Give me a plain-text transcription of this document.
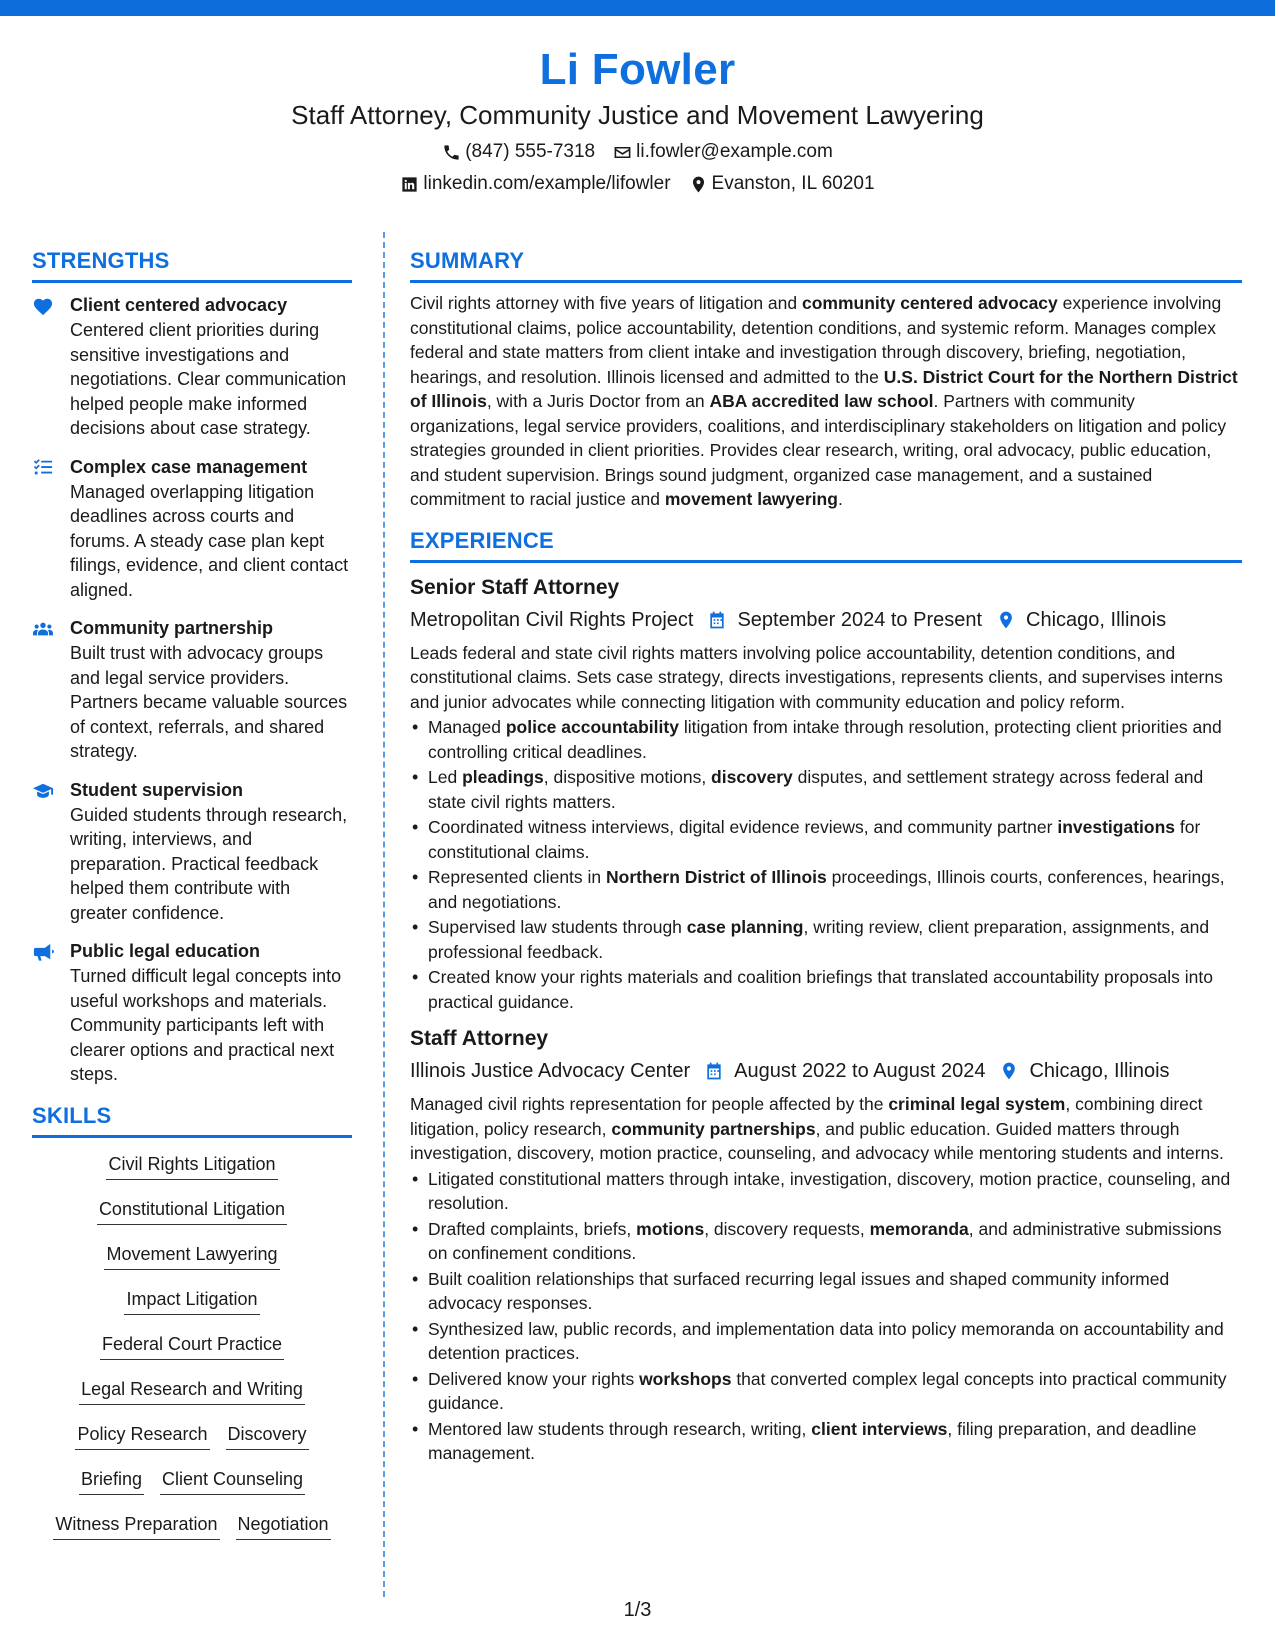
Li Fowler
Staff Attorney, Community Justice and Movement Lawyering
(847) 555-7318 li.fowler@example.com
linkedin.com/example/lifowler Evanston, IL 60201
STRENGTHS
Client centered advocacy
Centered client priorities during sensitive investigations and negotiations. Clear communication helped people make informed decisions about case strategy.
Complex case management
Managed overlapping litigation deadlines across courts and forums. A steady case plan kept filings, evidence, and client contact aligned.
Community partnership
Built trust with advocacy groups and legal service providers. Partners became valuable sources of context, referrals, and shared strategy.
Student supervision
Guided students through research, writing, interviews, and preparation. Practical feedback helped them contribute with greater confidence.
Public legal education
Turned difficult legal concepts into useful workshops and materials. Community participants left with clearer options and practical next steps.
SKILLS
Civil Rights Litigation
Constitutional Litigation
Movement Lawyering
Impact Litigation
Federal Court Practice
Legal Research and Writing
Policy Research Discovery
Briefing Client Counseling
Witness Preparation Negotiation
SUMMARY
Civil rights attorney with five years of litigation and community centered advocacy experience involving constitutional claims, police accountability, detention conditions, and systemic reform. Manages complex federal and state matters from client intake and investigation through discovery, briefing, negotiation, hearings, and resolution. Illinois licensed and admitted to the U.S. District Court for the Northern District of Illinois, with a Juris Doctor from an ABA accredited law school. Partners with community organizations, legal service providers, coalitions, and interdisciplinary stakeholders on litigation and policy strategies grounded in client priorities. Provides clear research, writing, oral advocacy, public education, and student supervision. Brings sound judgment, organized case management, and a sustained commitment to racial justice and movement lawyering.
EXPERIENCE
Senior Staff Attorney
Metropolitan Civil Rights Project September 2024 to Present Chicago, Illinois
Leads federal and state civil rights matters involving police accountability, detention conditions, and constitutional claims. Sets case strategy, directs investigations, represents clients, and supervises interns and junior advocates while connecting litigation with community education and policy reform.
• Managed police accountability litigation from intake through resolution, protecting client priorities and controlling critical deadlines.
• Led pleadings, dispositive motions, discovery disputes, and settlement strategy across federal and state civil rights matters.
• Coordinated witness interviews, digital evidence reviews, and community partner investigations for constitutional claims.
• Represented clients in Northern District of Illinois proceedings, Illinois courts, conferences, hearings, and negotiations.
• Supervised law students through case planning, writing review, client preparation, assignments, and professional feedback.
• Created know your rights materials and coalition briefings that translated accountability proposals into practical guidance.
Staff Attorney
Illinois Justice Advocacy Center August 2022 to August 2024 Chicago, Illinois
Managed civil rights representation for people affected by the criminal legal system, combining direct litigation, policy research, community partnerships, and public education. Guided matters through investigation, discovery, motion practice, counseling, and advocacy while mentoring students and interns.
• Litigated constitutional matters through intake, investigation, discovery, motion practice, counseling, and resolution.
• Drafted complaints, briefs, motions, discovery requests, memoranda, and administrative submissions on confinement conditions.
• Built coalition relationships that surfaced recurring legal issues and shaped community informed advocacy responses.
• Synthesized law, public records, and implementation data into policy memoranda on accountability and detention practices.
• Delivered know your rights workshops that converted complex legal concepts into practical community guidance.
• Mentored law students through research, writing, client interviews, filing preparation, and deadline management.
1/3
